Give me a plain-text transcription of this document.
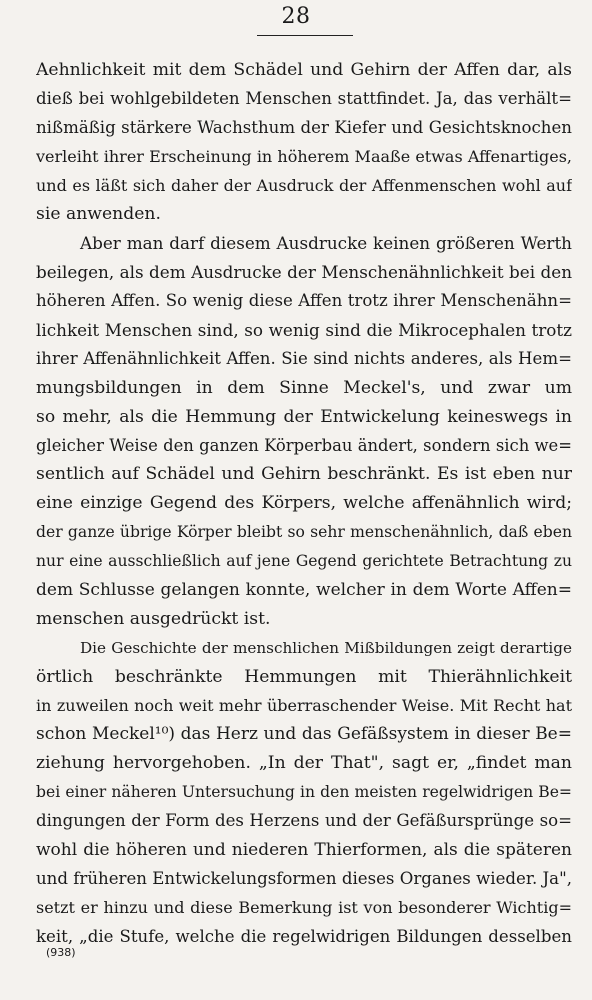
28
Aehnlichkeit mit dem Schädel und Gehirn der Affen dar, als
dieß bei wohlgebildeten Menschen stattfindet. Ja, das verhält=
nißmäßig stärkere Wachsthum der Kiefer und Gesichtsknochen
verleiht ihrer Erscheinung in höherem Maaße etwas Affenartiges,
und es läßt sich daher der Ausdruck der Affenmenschen wohl auf
sie anwenden.
Aber man darf diesem Ausdrucke keinen größeren Werth
beilegen, als dem Ausdrucke der Menschenähnlichkeit bei den
höheren Affen. So wenig diese Affen trotz ihrer Menschenähn=
lichkeit Menschen sind, so wenig sind die Mikrocephalen trotz
ihrer Affenähnlichkeit Affen. Sie sind nichts anderes, als Hem=
mungsbildungen in dem Sinne Meckel's, und zwar um
so mehr, als die Hemmung der Entwickelung keineswegs in
gleicher Weise den ganzen Körperbau ändert, sondern sich we=
sentlich auf Schädel und Gehirn beschränkt. Es ist eben nur
eine einzige Gegend des Körpers, welche affenähnlich wird;
der ganze übrige Körper bleibt so sehr menschenähnlich, daß eben
nur eine ausschließlich auf jene Gegend gerichtete Betrachtung zu
dem Schlusse gelangen konnte, welcher in dem Worte Affen=
menschen ausgedrückt ist.
Die Geschichte der menschlichen Mißbildungen zeigt derartige
örtlich beschränkte Hemmungen mit Thierähnlichkeit
in zuweilen noch weit mehr überraschender Weise. Mit Recht hat
schon Meckel¹⁰) das Herz und das Gefäßsystem in dieser Be=
ziehung hervorgehoben. „In der That", sagt er, „findet man
bei einer näheren Untersuchung in den meisten regelwidrigen Be=
dingungen der Form des Herzens und der Gefäßursprünge so=
wohl die höheren und niederen Thierformen, als die späteren
und früheren Entwickelungsformen dieses Organes wieder. Ja",
setzt er hinzu und diese Bemerkung ist von besonderer Wichtig=
keit, „die Stufe, welche die regelwidrigen Bildungen desselben
(938)
